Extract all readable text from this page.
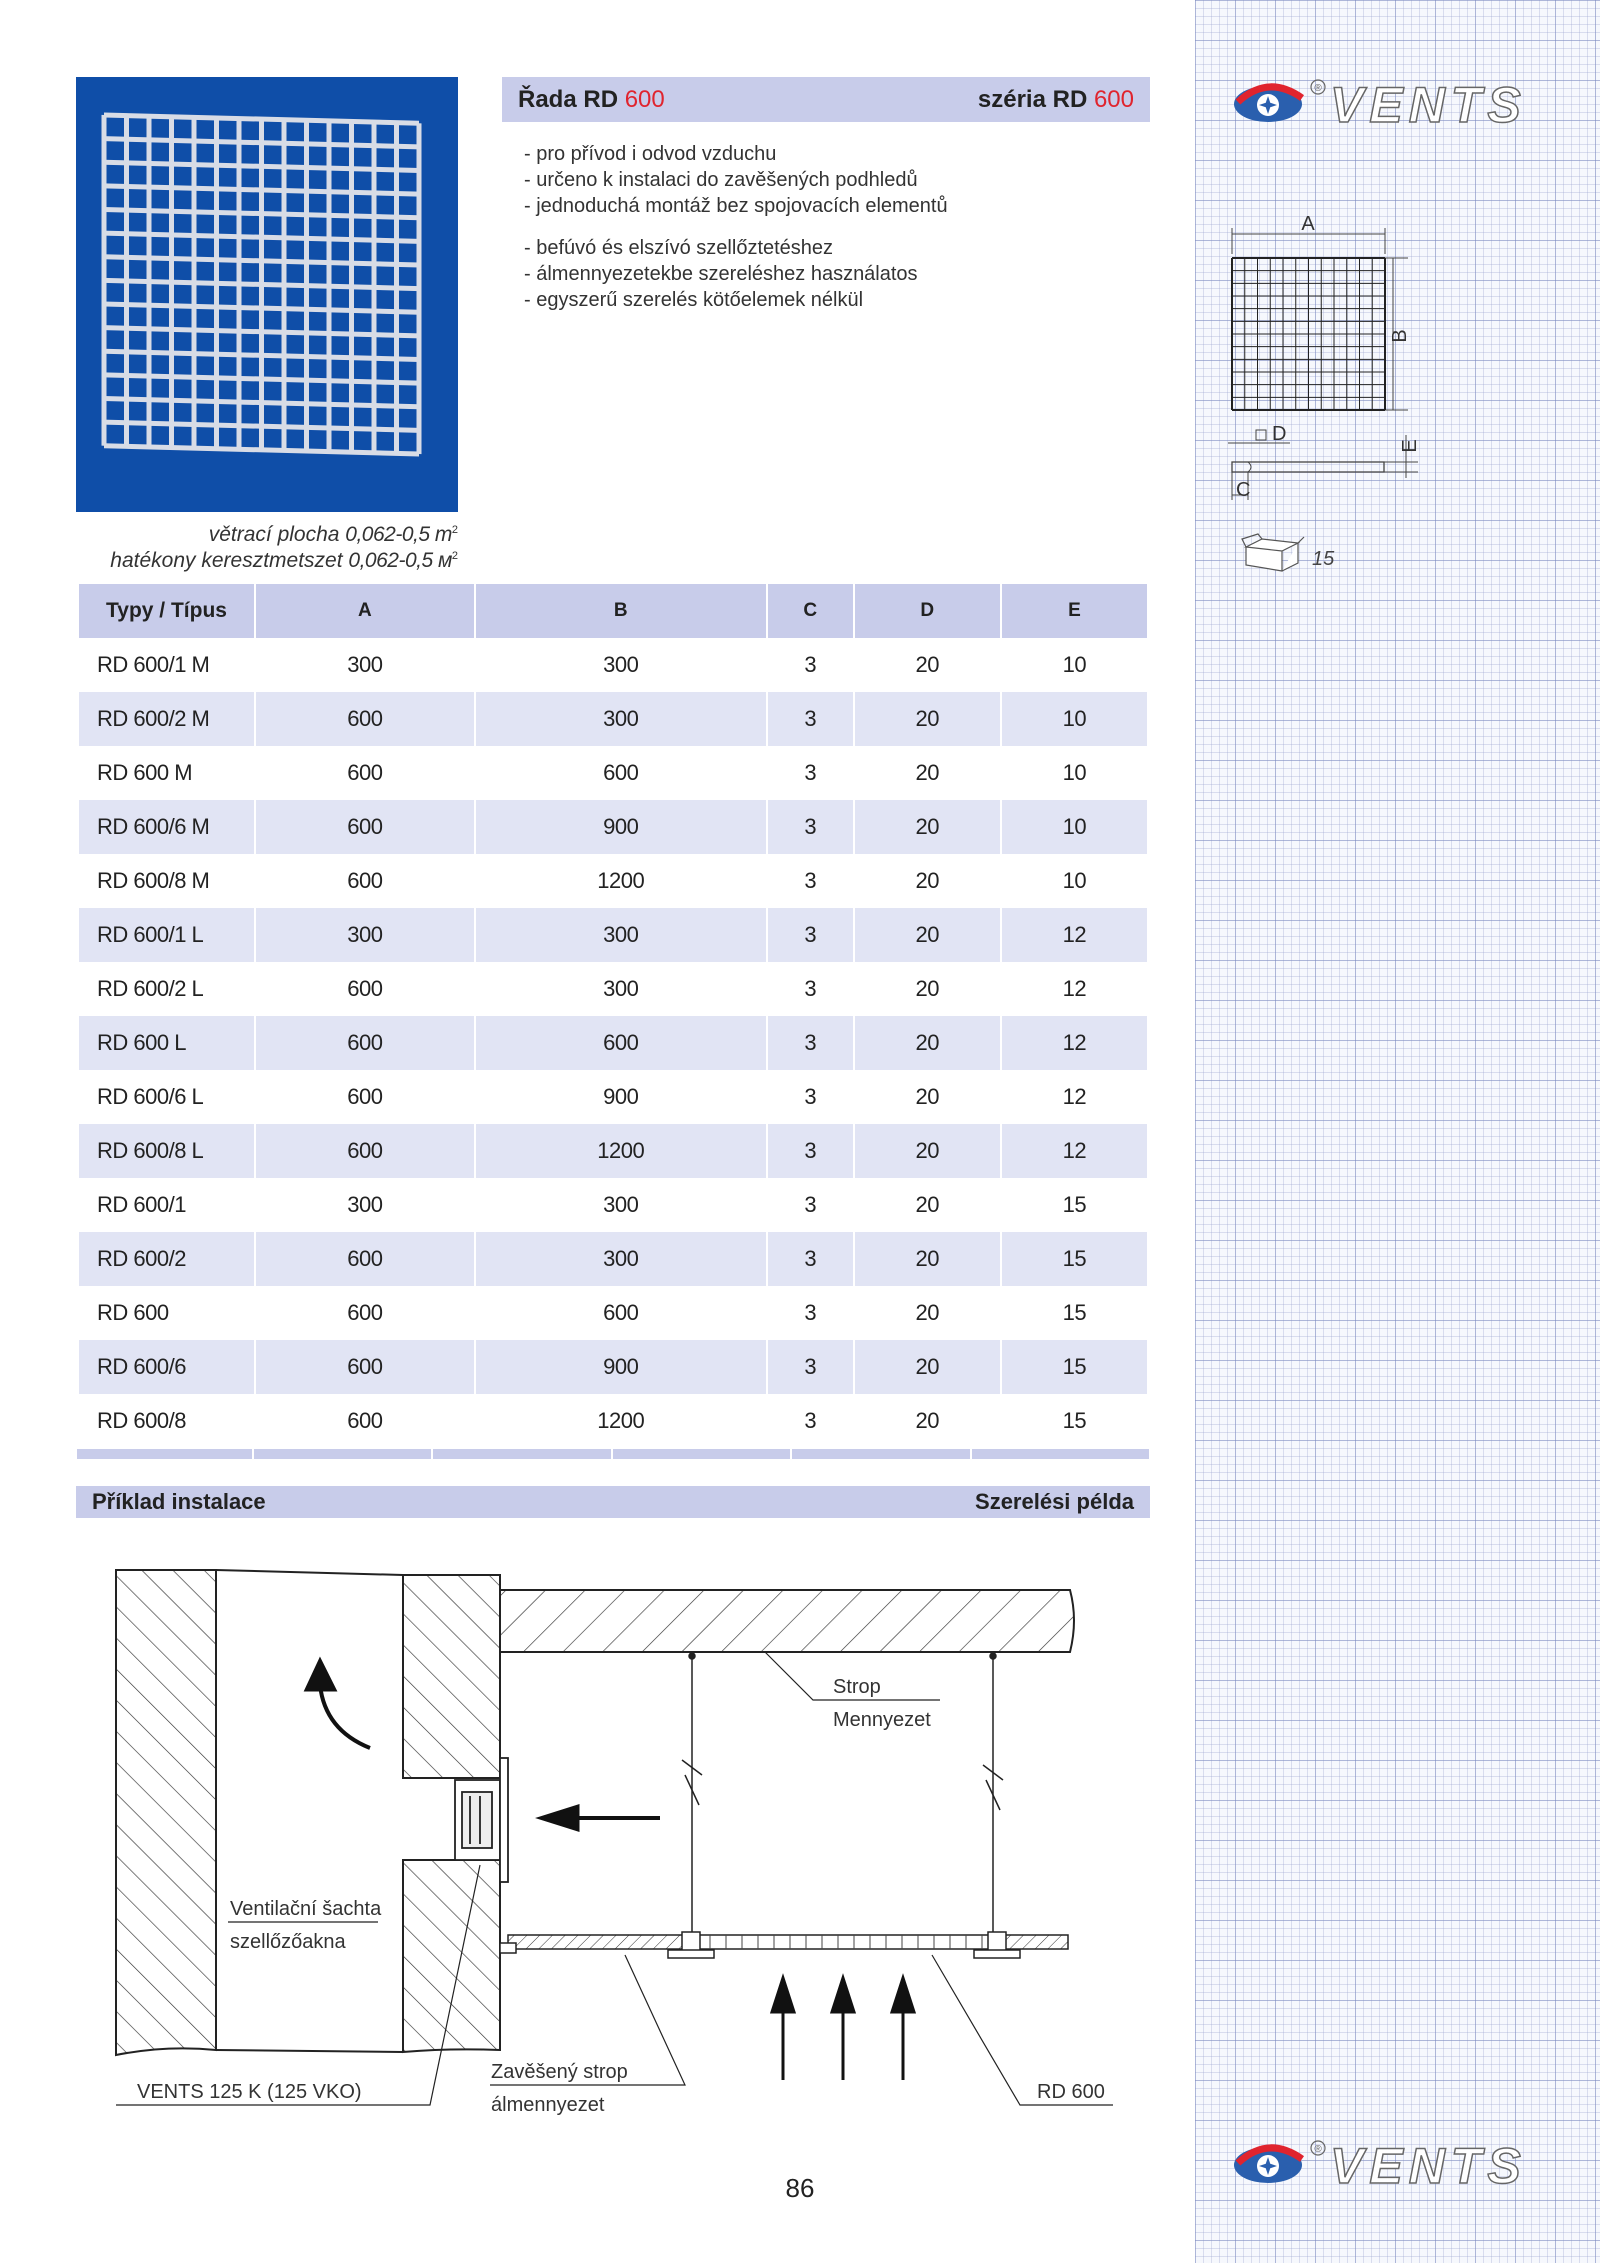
® VENTS
větrací plocha 0,062-0,5 $m^2$
hatékony keresztmetszet 0,062-0,5 $м^2$
Řada RD 600	széria RD 600
- pro přívod i odvod vzduchu
- určeno k instalaci do zavěšených podhledů
- jednoduchá montáž bez spojovacích elementů
- befúvó és elszívó szellőztetéshez
- álmennyezetekbe szereléshez használatos
- egyszerű szerelés kötőelemek nélkül
A
B
D
E
C
15
Typy / Típus	A	B	C	D	E
RD 600/1 M	300	300	3	20	10
RD 600/2 M	600	300	3	20	10
RD 600 M	600	600	3	20	10
RD 600/6 M	600	900	3	20	10
RD 600/8 M	600	1200	3	20	10
RD 600/1 L	300	300	3	20	12
RD 600/2 L	600	300	3	20	12
RD 600 L	600	600	3	20	12
RD 600/6 L	600	900	3	20	12
RD 600/8 L	600	1200	3	20	12
RD 600/1	300	300	3	20	15
RD 600/2	600	300	3	20	15
RD 600	600	600	3	20	15
RD 600/6	600	900	3	20	15
RD 600/8	600	1200	3	20	15
Příklad instalace	Szerelési példa
Strop
Mennyezet
Ventilační šachta
szellőzőakna
VENTS 125 K (125 VKO)
Zavěšený strop
álmennyezet
RD 600
86
® VENTS
